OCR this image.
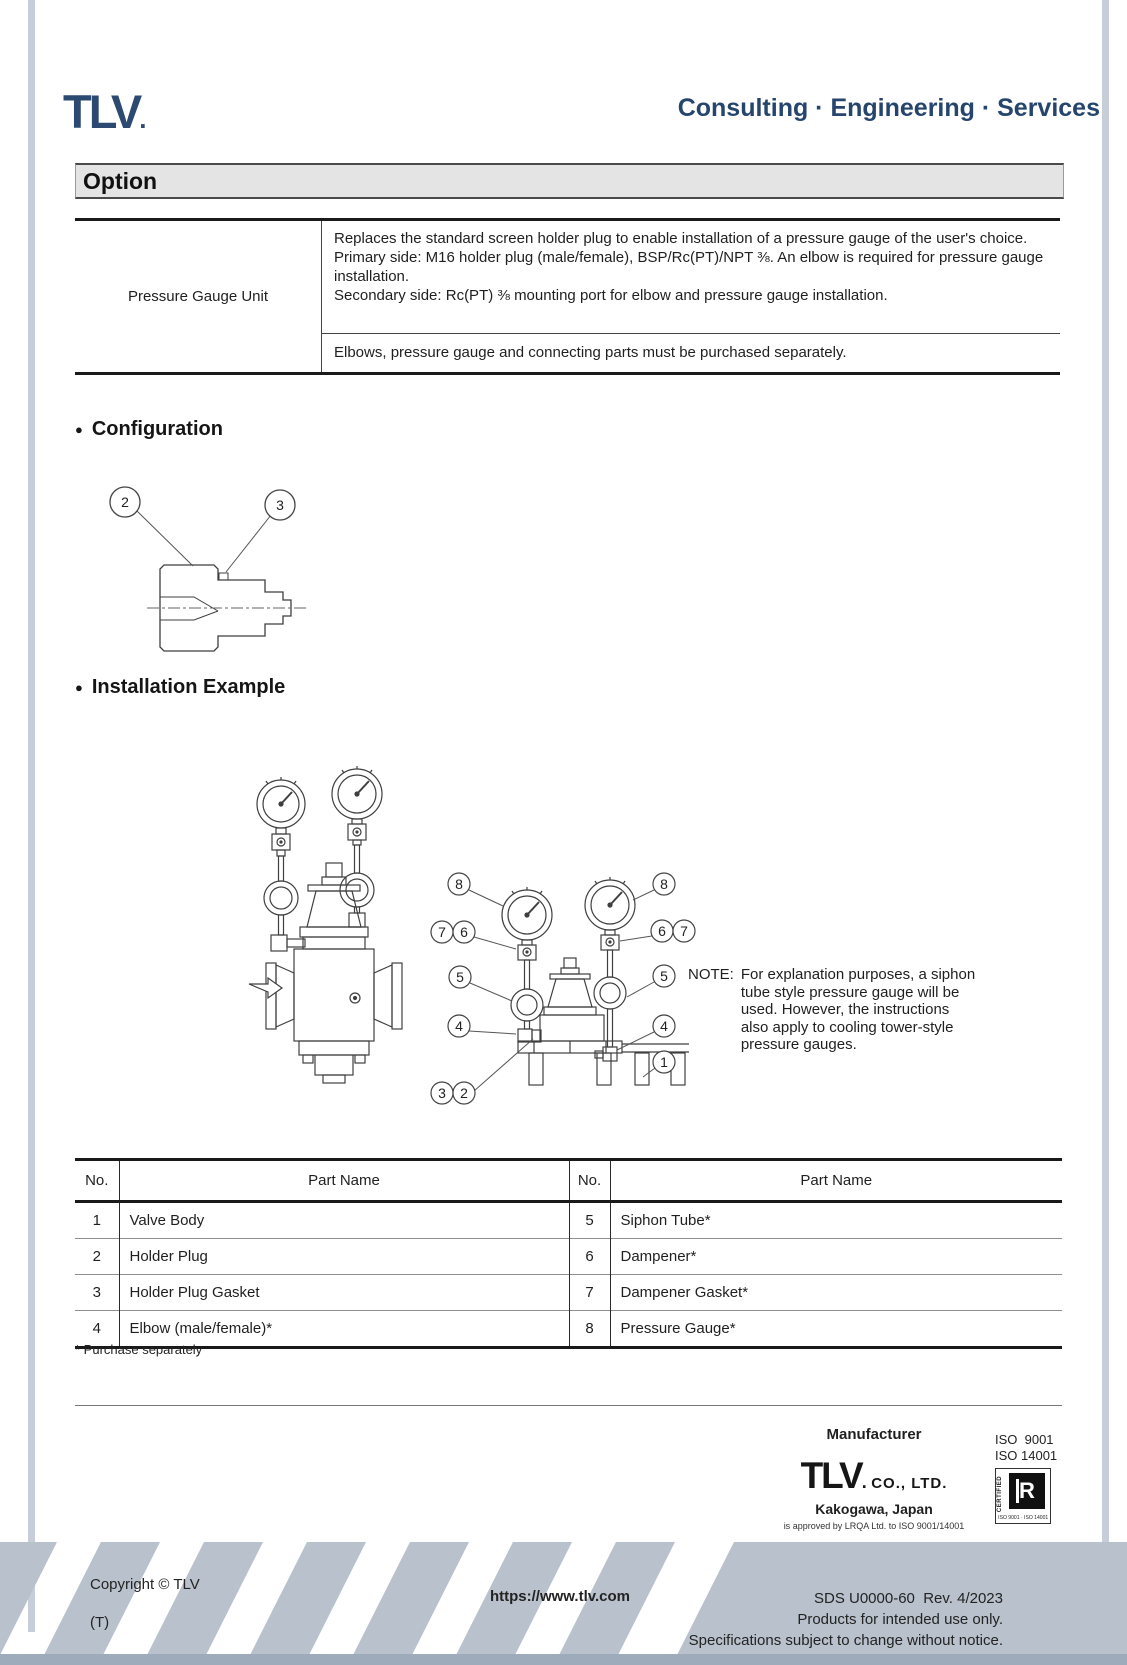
TLV.	Consulting · Engineering · Services
Option
Pressure Gauge Unit
Replaces the standard screen holder plug to enable installation of a pressure gauge of the user's choice.
Primary side: M16 holder plug (male/female), BSP/Rc(PT)/NPT ⅜. An elbow is required for pressure gauge installation.
Secondary side: Rc(PT) ⅜ mounting port for elbow and pressure gauge installation.
Elbows, pressure gauge and connecting parts must be purchased separately.
● Configuration
2	3
● Installation Example
8	8
7 6	6 7
5	5
4	4
1
3 2
NOTE: For explanation purposes, a siphon
tube style pressure gauge will be
used. However, the instructions
also apply to cooling tower-style
pressure gauges.
No.	Part Name	No.	Part Name
1	Valve Body	5	Siphon Tube*
2	Holder Plug	6	Dampener*
3	Holder Plug Gasket	7	Dampener Gasket*
4	Elbow (male/female)*	8	Pressure Gauge*
* Purchase separately
Manufacturer
TLV. CO., LTD.
Kakogawa, Japan
is approved by LRQA Ltd. to ISO 9001/14001
ISO  9001
ISO 14001
CERTIFIED R
ISO 9001 · ISO 14001
Copyright © TLV
(T)
https://www.tlv.com	SDS U0000-60  Rev. 4/2023
Products for intended use only.
Specifications subject to change without notice.
